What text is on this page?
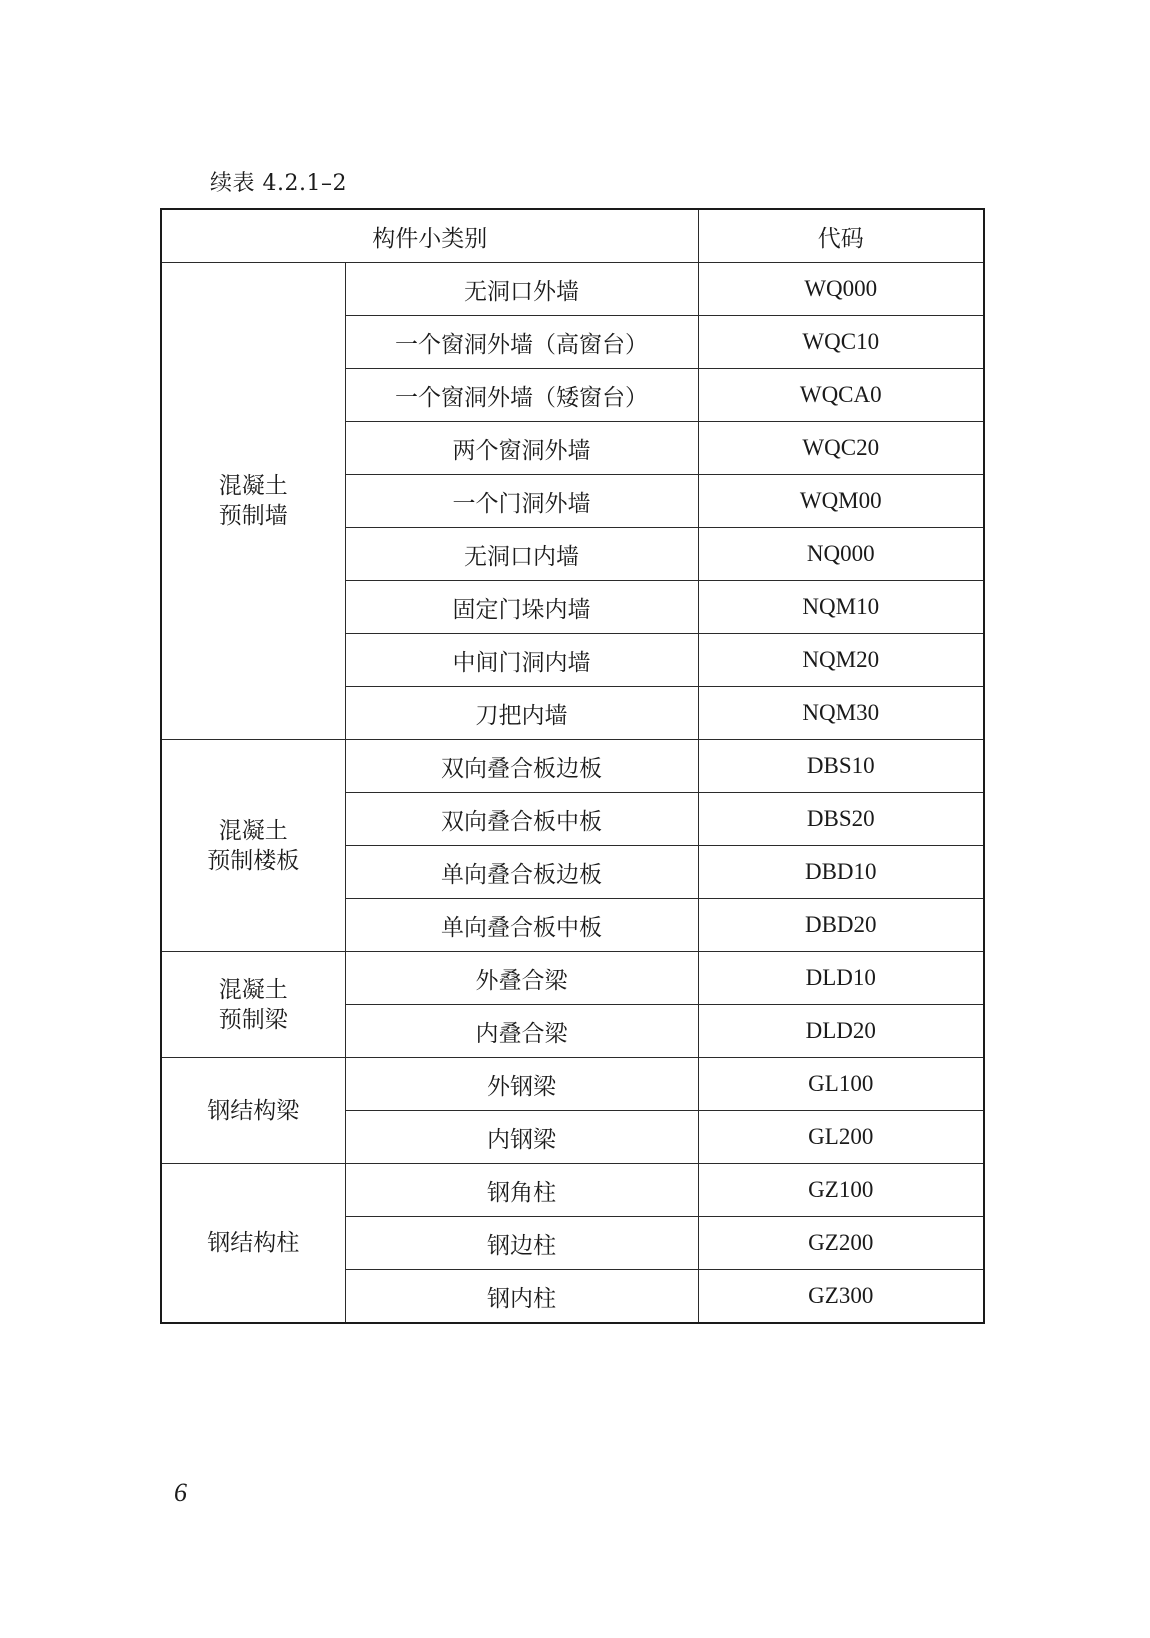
续表 4.2.1–2
构件小类别		代码
混凝土
预制墙	无洞口外墙	WQ000
	一个窗洞外墙（高窗台）	WQC10
	一个窗洞外墙（矮窗台）	WQCA0
	两个窗洞外墙	WQC20
	一个门洞外墙	WQM00
	无洞口内墙	NQ000
	固定门垛内墙	NQM10
	中间门洞内墙	NQM20
	刀把内墙	NQM30
混凝土
预制楼板	双向叠合板边板	DBS10
	双向叠合板中板	DBS20
	单向叠合板边板	DBD10
	单向叠合板中板	DBD20
混凝土
预制梁	外叠合梁	DLD10
	内叠合梁	DLD20
钢结构梁	外钢梁	GL100
	内钢梁	GL200
钢结构柱	钢角柱	GZ100
	钢边柱	GZ200
	钢内柱	GZ300
6
